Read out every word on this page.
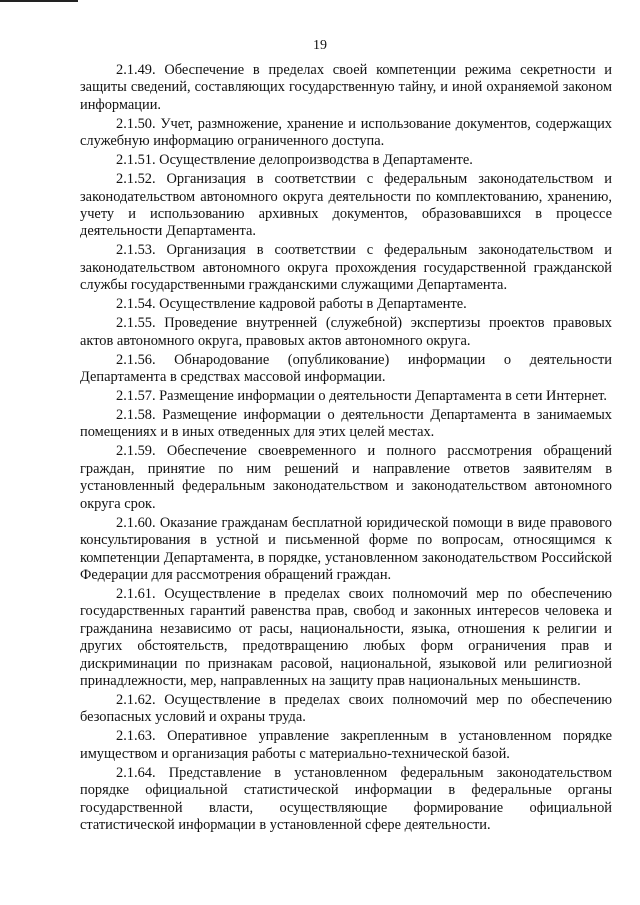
19

2.1.49. Обеспечение в пределах своей компетенции режима секретности и защиты сведений, составляющих государственную тайну, и иной охраняемой законом информации.

2.1.50. Учет, размножение, хранение и использование документов, содержащих служебную информацию ограниченного доступа.

2.1.51. Осуществление делопроизводства в Департаменте.

2.1.52. Организация в соответствии с федеральным законодательством и законодательством автономного округа деятельности по комплектованию, хранению, учету и использованию архивных документов, образовавшихся в процессе деятельности Департамента.

2.1.53. Организация в соответствии с федеральным законодательством и законодательством автономного округа прохождения государственной гражданской службы государственными гражданскими служащими Департамента.

2.1.54. Осуществление кадровой работы в Департаменте.

2.1.55. Проведение внутренней (служебной) экспертизы проектов правовых актов автономного округа, правовых актов автономного округа.

2.1.56. Обнародование (опубликование) информации о деятельности Департамента в средствах массовой информации.

2.1.57. Размещение информации о деятельности Департамента в сети Интернет.

2.1.58. Размещение информации о деятельности Департамента в занимаемых помещениях и в иных отведенных для этих целей местах.

2.1.59. Обеспечение своевременного и полного рассмотрения обращений граждан, принятие по ним решений и направление ответов заявителям в установленный федеральным законодательством и законодательством автономного округа срок.

2.1.60. Оказание гражданам бесплатной юридической помощи в виде правового консультирования в устной и письменной форме по вопросам, относящимся к компетенции Департамента, в порядке, установленном законодательством Российской Федерации для рассмотрения обращений граждан.

2.1.61. Осуществление в пределах своих полномочий мер по обеспечению государственных гарантий равенства прав, свобод и законных интересов человека и гражданина независимо от расы, национальности, языка, отношения к религии и других обстоятельств, предотвращению любых форм ограничения прав и дискриминации по признакам расовой, национальной, языковой или религиозной принадлежности, мер, направленных на защиту прав национальных меньшинств.

2.1.62. Осуществление в пределах своих полномочий мер по обеспечению безопасных условий и охраны труда.

2.1.63. Оперативное управление закрепленным в установленном порядке имуществом и организация работы с материально-технической базой.

2.1.64. Представление в установленном федеральным законодательством порядке официальной статистической информации в федеральные органы государственной власти, осуществляющие формирование официальной статистической информации в установленной сфере деятельности.
